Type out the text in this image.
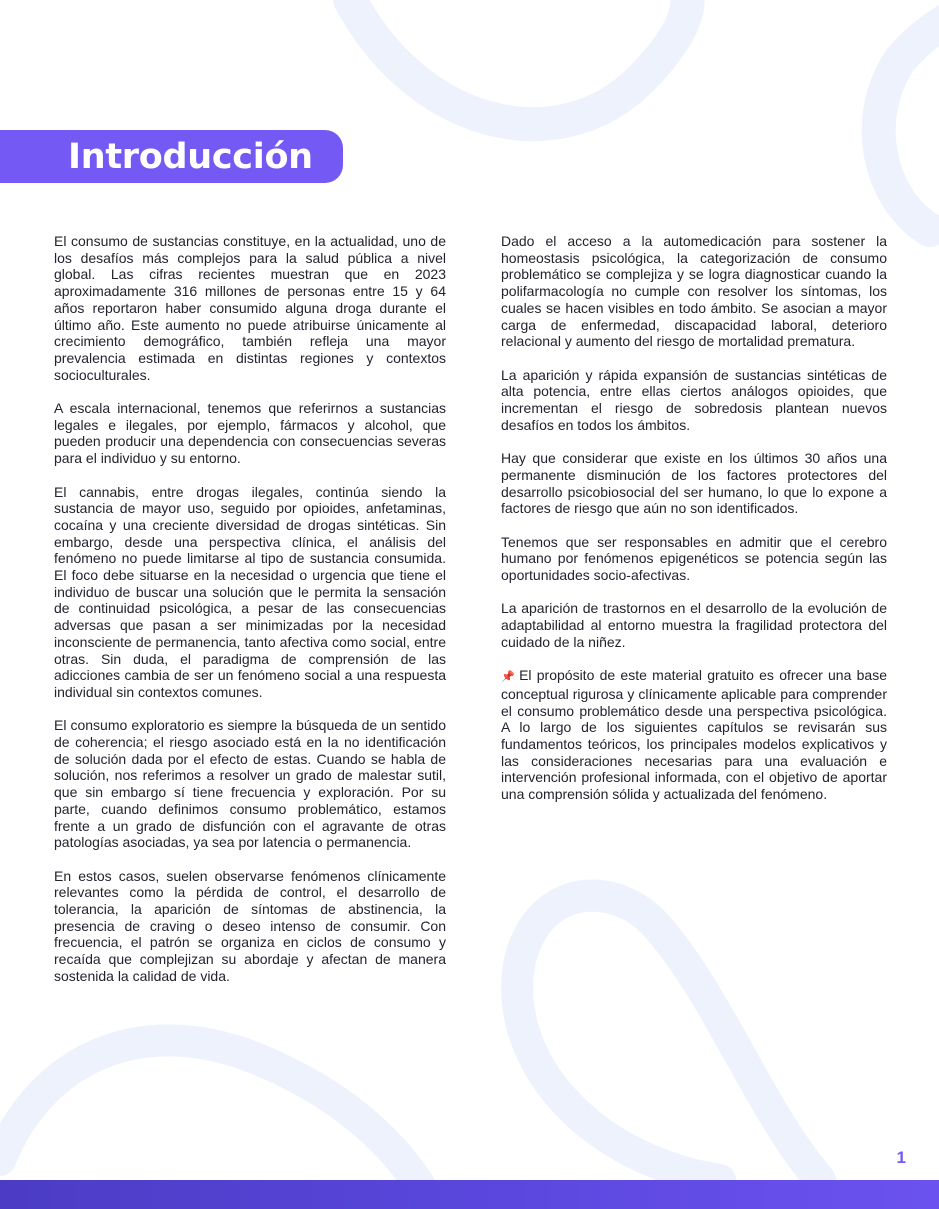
Introducción

El consumo de sustancias constituye, en la actualidad, uno de los desafíos más complejos para la salud pública a nivel global. Las cifras recientes muestran que en 2023 aproximadamente 316 millones de personas entre 15 y 64 años reportaron haber consumido alguna droga durante el último año. Este aumento no puede atribuirse únicamente al crecimiento demográfico, también refleja una mayor prevalencia estimada en distintas regiones y contextos socioculturales.

A escala internacional, tenemos que referirnos a sustancias legales e ilegales, por ejemplo, fármacos y alcohol, que pueden producir una dependencia con consecuencias severas para el individuo y su entorno.

El cannabis, entre drogas ilegales, continúa siendo la sustancia de mayor uso, seguido por opioides, anfetaminas, cocaína y una creciente diversidad de drogas sintéticas. Sin embargo, desde una perspectiva clínica, el análisis del fenómeno no puede limitarse al tipo de sustancia consumida. El foco debe situarse en la necesidad o urgencia que tiene el individuo de buscar una solución que le permita la sensación de continuidad psicológica, a pesar de las consecuencias adversas que pasan a ser minimizadas por la necesidad inconsciente de permanencia, tanto afectiva como social, entre otras. Sin duda, el paradigma de comprensión de las adicciones cambia de ser un fenómeno social a una respuesta individual sin contextos comunes.

El consumo exploratorio es siempre la búsqueda de un sentido de coherencia; el riesgo asociado está en la no identificación de solución dada por el efecto de estas. Cuando se habla de solución, nos referimos a resolver un grado de malestar sutil, que sin embargo sí tiene frecuencia y exploración. Por su parte, cuando definimos consumo problemático, estamos frente a un grado de disfunción con el agravante de otras patologías asociadas, ya sea por latencia o permanencia.

En estos casos, suelen observarse fenómenos clínicamente relevantes como la pérdida de control, el desarrollo de tolerancia, la aparición de síntomas de abstinencia, la presencia de craving o deseo intenso de consumir. Con frecuencia, el patrón se organiza en ciclos de consumo y recaída que complejizan su abordaje y afectan de manera sostenida la calidad de vida.

Dado el acceso a la automedicación para sostener la homeostasis psicológica, la categorización de consumo problemático se complejiza y se logra diagnosticar cuando la polifarmacología no cumple con resolver los síntomas, los cuales se hacen visibles en todo ámbito. Se asocian a mayor carga de enfermedad, discapacidad laboral, deterioro relacional y aumento del riesgo de mortalidad prematura.

La aparición y rápida expansión de sustancias sintéticas de alta potencia, entre ellas ciertos análogos opioides, que incrementan el riesgo de sobredosis plantean nuevos desafíos en todos los ámbitos.

Hay que considerar que existe en los últimos 30 años una permanente disminución de los factores protectores del desarrollo psicobiosocial del ser humano, lo que lo expone a factores de riesgo que aún no son identificados.

Tenemos que ser responsables en admitir que el cerebro humano por fenómenos epigenéticos se potencia según las oportunidades socio-afectivas.

La aparición de trastornos en el desarrollo de la evolución de adaptabilidad al entorno muestra la fragilidad protectora del cuidado de la niñez.

📌 El propósito de este material gratuito es ofrecer una base conceptual rigurosa y clínicamente aplicable para comprender el consumo problemático desde una perspectiva psicológica. A lo largo de los siguientes capítulos se revisarán sus fundamentos teóricos, los principales modelos explicativos y las consideraciones necesarias para una evaluación e intervención profesional informada, con el objetivo de aportar una comprensión sólida y actualizada del fenómeno.

1
